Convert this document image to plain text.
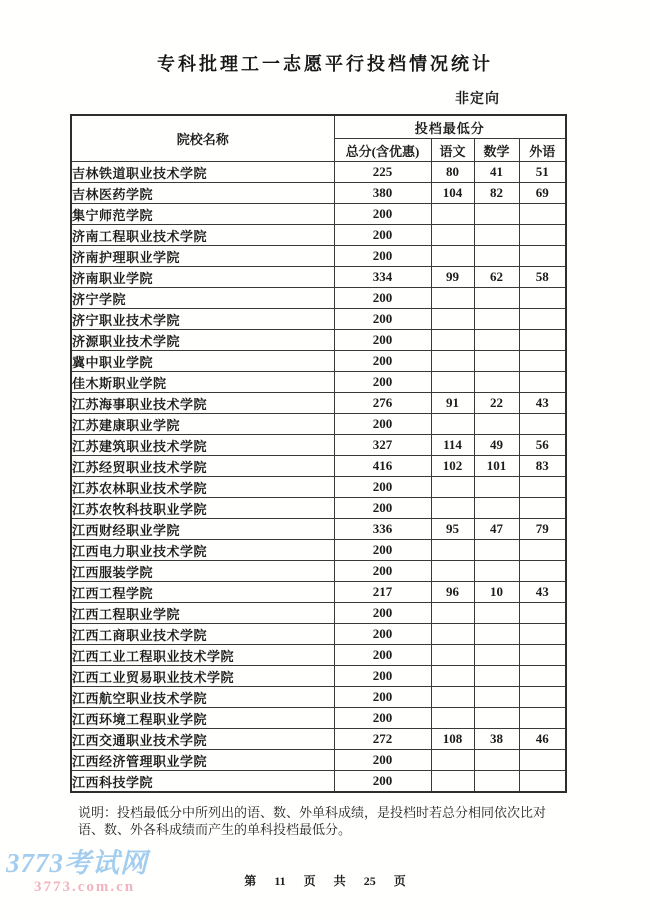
专科批理工一志愿平行投档情况统计
非定向
院校名称	投档最低分			
	总分(含优惠)	语文	数学	外语
吉林铁道职业技术学院	225	80	41	51
吉林医药学院	380	104	82	69
集宁师范学院	200			
济南工程职业技术学院	200			
济南护理职业学院	200			
济南职业学院	334	99	62	58
济宁学院	200			
济宁职业技术学院	200			
济源职业技术学院	200			
冀中职业学院	200			
佳木斯职业学院	200			
江苏海事职业技术学院	276	91	22	43
江苏建康职业学院	200			
江苏建筑职业技术学院	327	114	49	56
江苏经贸职业技术学院	416	102	101	83
江苏农林职业技术学院	200			
江苏农牧科技职业学院	200			
江西财经职业学院	336	95	47	79
江西电力职业技术学院	200			
江西服装学院	200			
江西工程学院	217	96	10	43
江西工程职业学院	200			
江西工商职业技术学院	200			
江西工业工程职业技术学院	200			
江西工业贸易职业技术学院	200			
江西航空职业技术学院	200			
江西环境工程职业学院	200			
江西交通职业技术学院	272	108	38	46
江西经济管理职业学院	200			
江西科技学院	200			
说明：投档最低分中所列出的语、数、外单科成绩，是投档时若总分相同依次比对
语、数、外各科成绩而产生的单科投档最低分。
3773考试网
3773.com.cn	第 11 页 共 25 页
